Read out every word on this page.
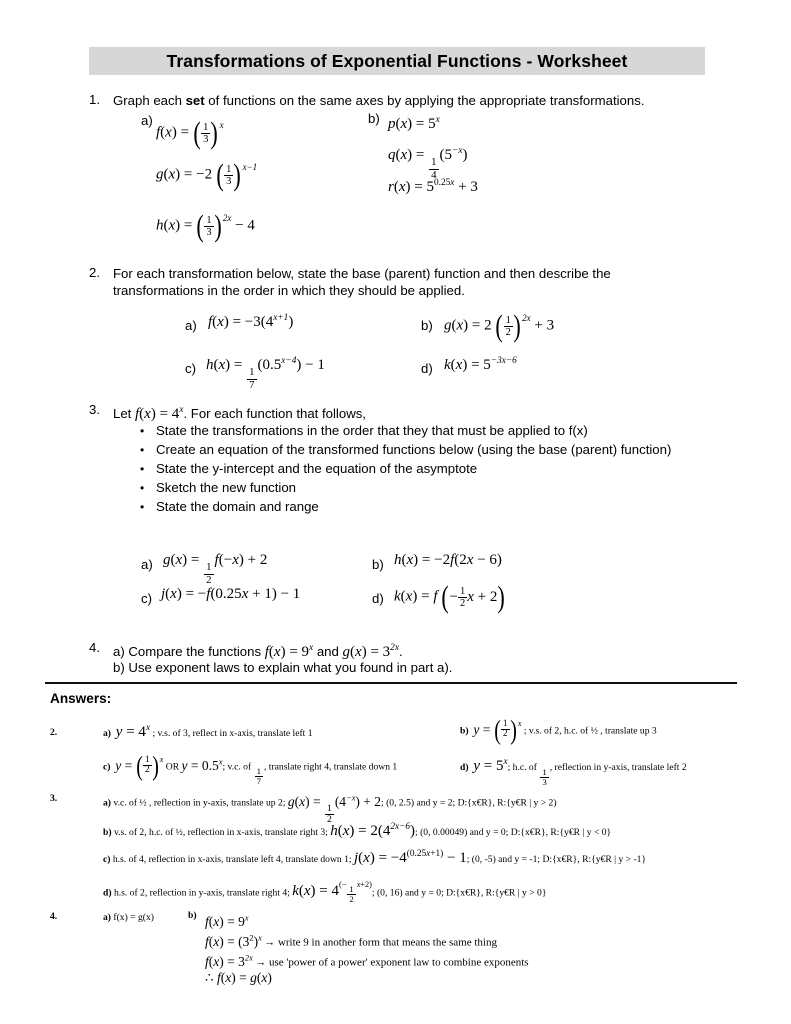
Transformations of Exponential Functions - Worksheet
1. Graph each set of functions on the same axes by applying the appropriate transformations.
a)
f(x) = ( $\frac{1}{3}$ ) $^x$
g(x) = −2 ( $\frac{1}{3}$ ) $^{x-1}$
h(x) = ( $\frac{1}{3}$ ) $^{2x}$ − 4
b) $p(x) = 5^x$
q(x) =
$\frac{1}{4}$
$(5^{-x})$
$r(x) = 5^{0.25x} + 3$
2. For each transformation below, state the base (parent) function and then describe the
transformations in the order in which they should be applied.
a) $f(x) = -3(4^{x+1})$	b) g(x) = 2 ( $\frac{1}{2}$ ) $^{2x}$ + 3
c) h(x) =
$\frac{1}{7}$
$(0.5^{x-4}) - 1$	d) $k(x) = 5^{-3x-6}$
3. Let $f(x) = 4^x$. For each function that follows,
• State the transformations in the order that they that must be applied to f(x)
• Create an equation of the transformed functions below (using the base (parent) function)
• State the y-intercept and the equation of the asymptote
• Sketch the new function
• State the domain and range
a) g(x) =
$\frac{1}{2}$
f(−x) + 2	b) h(x) = −2f(2x − 6)
c) j(x) = −f(0.25x + 1) − 1	d) k(x) = f ( − $\frac{1}{2}$ x + 2 )
4. a) Compare the functions $f(x) = 9^x$ and $g(x) = 3^{2x}$.
b) Use exponent laws to explain what you found in part a).
Answers:
2.	a) $y = 4^x$ ; v.s. of 3, reflect in x-axis, translate left 1	b) y = ( $\frac{1}{2}$ ) $^x$ ; v.s. of 2, h.c. of ½ , translate up 3
c) y = ( $\frac{1}{2}$ ) $^x$ OR $y = 0.5^x$; v.c. of
$\frac{1}{7}$
, translate right 4, translate down 1	d) $y = 5^x$; h.c. of
$\frac{1}{3}$
, reflection in y-axis, translate left 2
3.	a) v.c. of ½ , reflection in y-axis, translate up 2; g(x) =
$\frac{1}{2}$
$(4^{-x}) + 2$; (0, 2.5) and y = 2; D:{x€R}, R:{y€R | y > 2)
b) v.s. of 2, h.c. of ½, reflection in x-axis, translate right 3; $h(x) = 2(4^{2x-6})$; (0, 0.00049) and y = 0; D:{x€R}, R:{y€R | y < 0}
c) h.s. of 4, reflection in x-axis, translate left 4, translate down 1; $j(x) = -4^{(0.25x+1)} - 1$; (0, -5) and y = -1; D:{x€R}, R:{y€R | y > -1}
d) h.s. of 2, reflection in y-axis, translate right 4; $k(x) = 4^{(- \frac{1}{2} x+2)}$; (0, 16) and y = 0; D:{x€R}, R:{y€R | y > 0}
4.	a) f(x) = g(x)	b) $f(x) = 9^x$
$f(x) = (3^2)^x$ → write 9 in another form that means the same thing
$f(x) = 3^{2x}$ → use 'power of a power' exponent law to combine exponents
∴ f(x) = g(x)
